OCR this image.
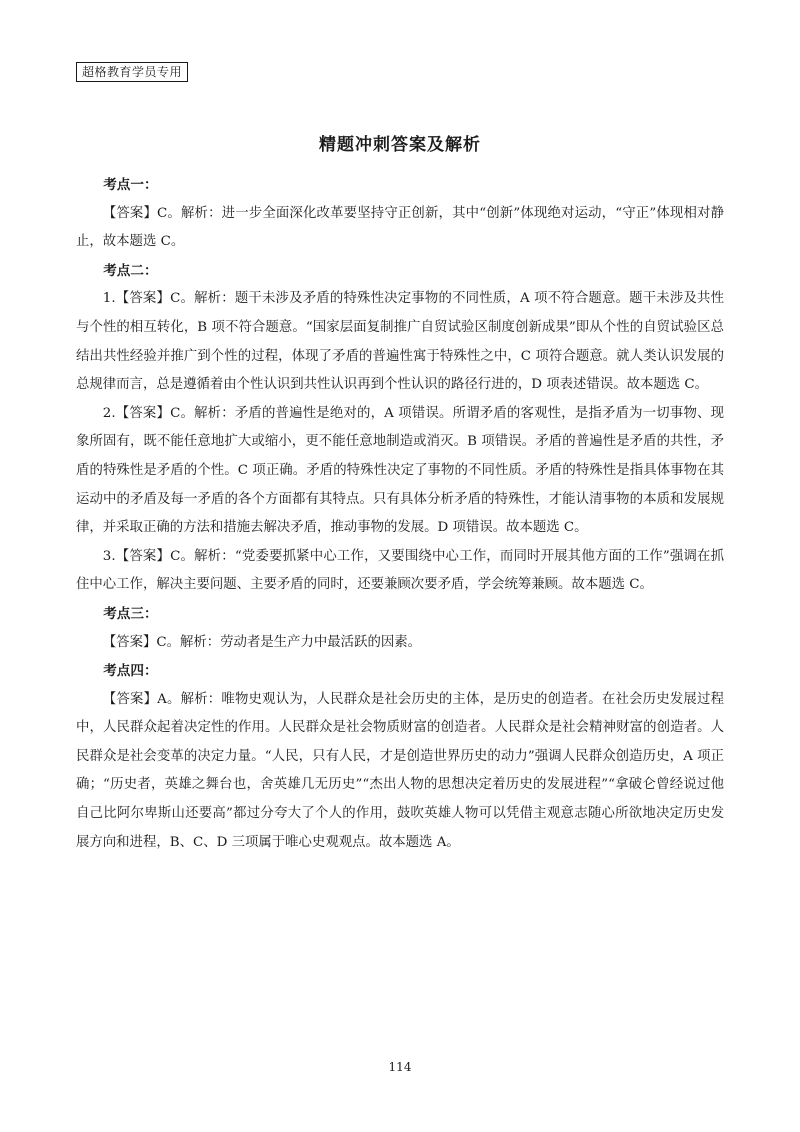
超格教育学员专用
精题冲刺答案及解析
考点一：

【答案】C。解析：进一步全面深化改革要坚持守正创新，其中“创新”体现绝对运动，“守正”体现相对静止，故本题选 C。

考点二：

1.【答案】C。解析：题干未涉及矛盾的特殊性决定事物的不同性质，A 项不符合题意。题干未涉及共性与个性的相互转化，B 项不符合题意。“国家层面复制推广自贸试验区制度创新成果”即从个性的自贸试验区总结出共性经验并推广到个性的过程，体现了矛盾的普遍性寓于特殊性之中，C 项符合题意。就人类认识发展的总规律而言，总是遵循着由个性认识到共性认识再到个性认识的路径行进的，D 项表述错误。故本题选 C。

2.【答案】C。解析：矛盾的普遍性是绝对的，A 项错误。所谓矛盾的客观性，是指矛盾为一切事物、现象所固有，既不能任意地扩大或缩小，更不能任意地制造或消灭。B 项错误。矛盾的普遍性是矛盾的共性，矛盾的特殊性是矛盾的个性。C 项正确。矛盾的特殊性决定了事物的不同性质。矛盾的特殊性是指具体事物在其运动中的矛盾及每一矛盾的各个方面都有其特点。只有具体分析矛盾的特殊性，才能认清事物的本质和发展规律，并采取正确的方法和措施去解决矛盾，推动事物的发展。D 项错误。故本题选 C。

3.【答案】C。解析：“党委要抓紧中心工作，又要围绕中心工作，而同时开展其他方面的工作”强调在抓住中心工作，解决主要问题、主要矛盾的同时，还要兼顾次要矛盾，学会统筹兼顾。故本题选 C。

考点三：

【答案】C。解析：劳动者是生产力中最活跃的因素。

考点四：

【答案】A。解析：唯物史观认为，人民群众是社会历史的主体，是历史的创造者。在社会历史发展过程中，人民群众起着决定性的作用。人民群众是社会物质财富的创造者。人民群众是社会精神财富的创造者。人民群众是社会变革的决定力量。“人民，只有人民，才是创造世界历史的动力”强调人民群众创造历史，A 项正确；“历史者，英雄之舞台也，舍英雄几无历史”“杰出人物的思想决定着历史的发展进程”“拿破仑曾经说过他自己比阿尔卑斯山还要高”都过分夸大了个人的作用，鼓吹英雄人物可以凭借主观意志随心所欲地决定历史发展方向和进程，B、C、D 三项属于唯心史观观点。故本题选 A。

114
